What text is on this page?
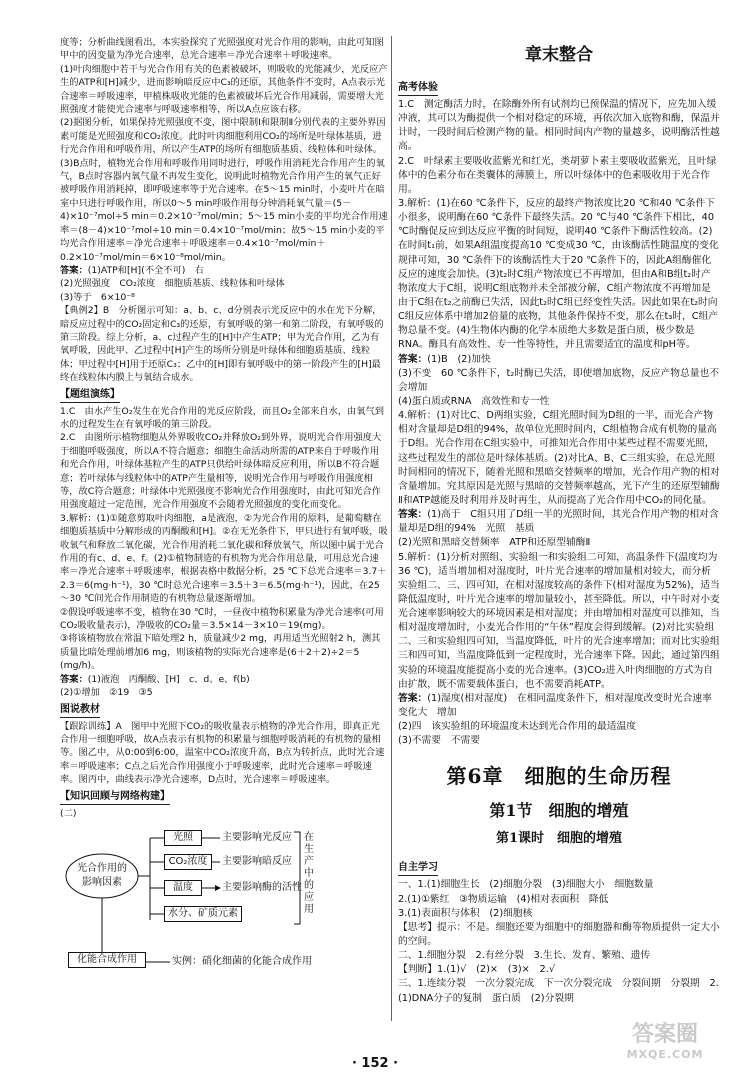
度等；分析曲线图看出，本实验探究了光照强度对光合作用的影响，由此可知图甲中的因变量为净光合速率，总光合速率＝净光合速率＋呼吸速率。

(1)叶肉细胞中若干与光合作用有关的色素被破坏，则吸收的光能减少，光反应产生的ATP和[H]减少，进而影响暗反应中C₃的还原，其他条件不变时，A点表示光合速率＝呼吸速率，甲植株吸收光能的色素被破坏后光合作用减弱，需要增大光照强度才能使光合速率与呼吸速率相等，所以A点应该右移。

(2)据图分析，如果保持光照强度不变，图中限制Ⅰ和限制Ⅱ分别代表的主要外界因素可能是光照强度和CO₂浓度。此时叶肉细胞利用CO₂的场所是叶绿体基质，进行光合作用和呼吸作用，所以产生ATP的场所有细胞质基质、线粒体和叶绿体。

(3)B点时，植物光合作用和呼吸作用同时进行，呼吸作用消耗光合作用产生的氧气，B点时容器内氧气量不再发生变化，说明此时植物光合作用产生的氧气正好被呼吸作用消耗掉，即呼吸速率等于光合速率。在5～15 min时，小麦叶片在暗室中只进行呼吸作用，所以0～5 min呼吸作用每分钟消耗氧气量＝(5－4)×10⁻⁷mol÷5 min＝0.2×10⁻⁷mol/min；5～15 min小麦的平均光合作用速率＝(8－4)×10⁻⁷mol÷10 min＝0.4×10⁻⁷mol/min；故5～15 min小麦的平均光合作用速率＝净光合速率＋呼吸速率＝0.4×10⁻⁷mol/min＋0.2×10⁻⁷mol/min＝6×10⁻⁸mol/min。

答案：(1)ATP和[H](不全不可)　右

(2)光照强度　CO₂浓度　细胞质基质、线粒体和叶绿体

(3)等于　6×10⁻⁸

【典例2】B　分析图示可知：a、b、c、d分别表示光反应中的水在光下分解，暗反应过程中的CO₂固定和C₃的还原，有氧呼吸的第一和第二阶段，有氧呼吸的第三阶段。综上分析，a、c过程产生的[H]中产生ATP；甲为光合作用，乙为有氧呼吸，因此甲、乙过程中[H]产生的场所分别是叶绿体和细胞质基质、线粒体；甲过程中[H]用于还原C₃；乙中的[H]即有氧呼吸中的第一阶段产生的[H]最终在线粒体内膜上与氧结合成水。

【题组演练】

1.C　由水产生O₂发生在光合作用的光反应阶段，而且O₂全部来自水，由氧气到水的过程发生在有氧呼吸的第三阶段。

2.C　由图所示植物细胞从外界吸收CO₂并释放O₂到外界，说明光合作用强度大于细胞呼吸强度，所以A不符合题意；细胞生命活动所需的ATP来自于呼吸作用和光合作用，叶绿体基粒产生的ATP只供给叶绿体暗反应利用，所以B不符合题意；若叶绿体与线粒体中的ATP产生量相等，说明光合作用与呼吸作用强度相等，故C符合题意；叶绿体中光照强度不影响光合作用强度时，由此可知光合作用强度超过一定范围，光合作用强度不会随着光照强度的变化而变化。

3.解析：(1)①随意剪取叶肉细胞，a是液泡，②为光合作用的原料，是葡萄糖在细胞质基质中分解形成的丙酮酸和[H]。②在无光条件下，甲只进行有氧呼吸，吸收氧气和释放二氧化碳，光合作用消耗二氧化碳和释放氧气，所以图中属于光合作用的有c、d、e、f。(2)①植物制造的有机物为光合作用总量，可用总光合速率＝净光合速率＋呼吸速率，根据表格中数据分析，25 ℃下总光合速率＝3.7＋2.3＝6(mg·h⁻¹)，30 ℃时总光合速率＝3.5＋3＝6.5(mg·h⁻¹)，因此，在25～30 ℃间光合作用制造的有机物总量逐渐增加。

②假设呼吸速率不变，植物在30 ℃时，一昼夜中植物积累量为净光合速率(可用CO₂吸收量表示)，净吸收的CO₂量＝3.5×14－3×10＝19(mg)。

③将该植物放在常温下暗处理2 h，质量减少2 mg，再用适当光照射2 h，测其质量比暗处理前增加6 mg，则该植物的实际光合速率是(6＋2＋2)÷2＝5 (mg/h)。

答案：(1)液泡　丙酮酸、[H]　c、d、e、f(b)

(2)①增加　②19　③5

图说教材

【跟踪训练】A　图甲中光照下CO₂的吸收量表示植物的净光合作用，即真正光合作用一细胞呼吸，故A点表示有机物的积累量与细胞呼吸消耗的有机物的量相等。图乙中，从0:00到6:00，温室中CO₂浓度升高，B点为转折点，此时光合速率＝呼吸速率；C点之后光合作用强度小于呼吸速率，此时光合速率＝呼吸速率。图丙中，曲线表示净光合速率，D点时，光合速率＝呼吸速率。

【知识回顾与网络构建】

(二)

光合作用的影响因素
光照
CO₂浓度
温度
水分、矿质元素
主要影响光反应
主要影响暗反应
主要影响酶的活性
在生产中的应用
化能合成作用	实例：硝化细菌的化能合成作用
章末整合

高考体验

1.C　测定酶活力时，在除酶外所有试剂均已预保温的情况下，应先加入缓冲液，其可以为酶提供一个相对稳定的环境，再依次加入底物和酶，保温并计时，一段时间后检测产物的量。相同时间内产物的量越多，说明酶活性越高。

2.C　叶绿素主要吸收蓝紫光和红光，类胡萝卜素主要吸收蓝紫光，且叶绿体中的色素分布在类囊体的薄膜上，所以叶绿体中的色素吸收用于光合作用。

3.解析：(1)在60 ℃条件下，反应的最终产物浓度比20 ℃和40 ℃条件下小很多，说明酶在60 ℃条件下最终失活。20 ℃与40 ℃条件下相比，40 ℃时酶促反应到达反应平衡的时间短，说明40 ℃条件下酶活性较高。(2)在时间t₁前，如果A组温度提高10 ℃变成30 ℃，由该酶活性随温度的变化规律可知，30 ℃条件下的该酶活性大于20 ℃条件下的，因此A组酶催化反应的速度会加快。(3)t₂时C组产物浓度已不再增加，但由A和B组t₂时产物浓度大于C组，说明C组底物并未全部被分解，C组产物浓度不再增加是由于C组在t₂之前酶已失活，因此t₂时C组已经变性失活。因此如果在t₂时向C组反应体系中增加2倍量的底物，其他条件保持不变，那么在t₃时，C组产物总量不变。(4)生物体内酶的化学本质绝大多数是蛋白质，极少数是RNA。酶具有高效性、专一性等特性，并且需要适宜的温度和pH等。

答案：(1)B　(2)加快

(3)不变　60 ℃条件下，t₂时酶已失活，即使增加底物，反应产物总量也不会增加

(4)蛋白质或RNA　高效性和专一性

4.解析：(1)对比C、D两组实验，C组光照时间为D组的一半，而光合产物相对含量却是D组的94%，故单位光照时间内，C组植物合成有机物的量高于D组。光合作用在C组实验中，可推知光合作用中某些过程不需要光照，这些过程发生的部位是叶绿体基质。(2)对比A、B、C三组实验，在总光照时间相同的情况下，随着光照和黑暗交替频率的增加，光合作用产物的相对含量增加。究其原因是光照与黑暗的交替频率越高，光下产生的还原型辅酶Ⅱ和ATP越能及时利用并及时再生，从而提高了光合作用中CO₂的同化量。

答案：(1)高于　C组只用了D组一半的光照时间，其光合作用产物的相对含量却是D组的94%　光照　基质

(2)光照和黑暗交替频率　ATP和还原型辅酶Ⅱ

5.解析：(1)分析对照组、实验组一和实验组二可知，高温条件下(温度均为36 ℃)，适当增加相对湿度时，叶片光合速率的增加量相对较大，而分析实验组二、三、四可知，在相对湿度较高的条件下(相对湿度为52%)，适当降低温度时，叶片光合速率的增加量较小，甚至降低。所以，中午时对小麦光合速率影响较大的环境因素是相对湿度；并由增加相对湿度可以推知，当相对湿度增加时，小麦光合作用的“午休”程度会得到缓解。(2)对比实验组二、三和实验组四可知，当温度降低，叶片的光合速率增加；而对比实验组三和四可知，当温度降低到一定程度时，光合速率下降。因此，通过第四组实验的环境温度能提高小麦的光合速率。(3)CO₂进入叶肉细胞的方式为自由扩散，既不需要载体蛋白，也不需要消耗ATP。

答案：(1)湿度(相对湿度)　在相同温度条件下，相对湿度改变时光合速率变化大　增加

(2)四　该实验组的环境温度未达到光合作用的最适温度

(3)不需要　不需要

第6章　细胞的生命历程
第1节　细胞的增殖
第1课时　细胞的增殖

自主学习

一、1.(1)细胞生长　(2)细胞分裂　(3)细胞大小　细胞数量

2.(1)①紫红　③物质运输　(4)相对表面积　降低

3.(1)表面积与体积　(2)细胞核

【思考】提示：不是。细胞还要为细胞中的细胞器和酶等物质提供一定大小的空间。

二、1.细胞分裂　2.有丝分裂　3.生长、发育、繁殖、遗传

【判断】1.(1)√　(2)×　(3)×　2.√

三、1.连续分裂　一次分裂完成　下一次分裂完成　分裂间期　分裂期　2.(1)DNA分子的复制　蛋白质　(2)分裂期

· 152 ·
答案圈
MXQE.COM
